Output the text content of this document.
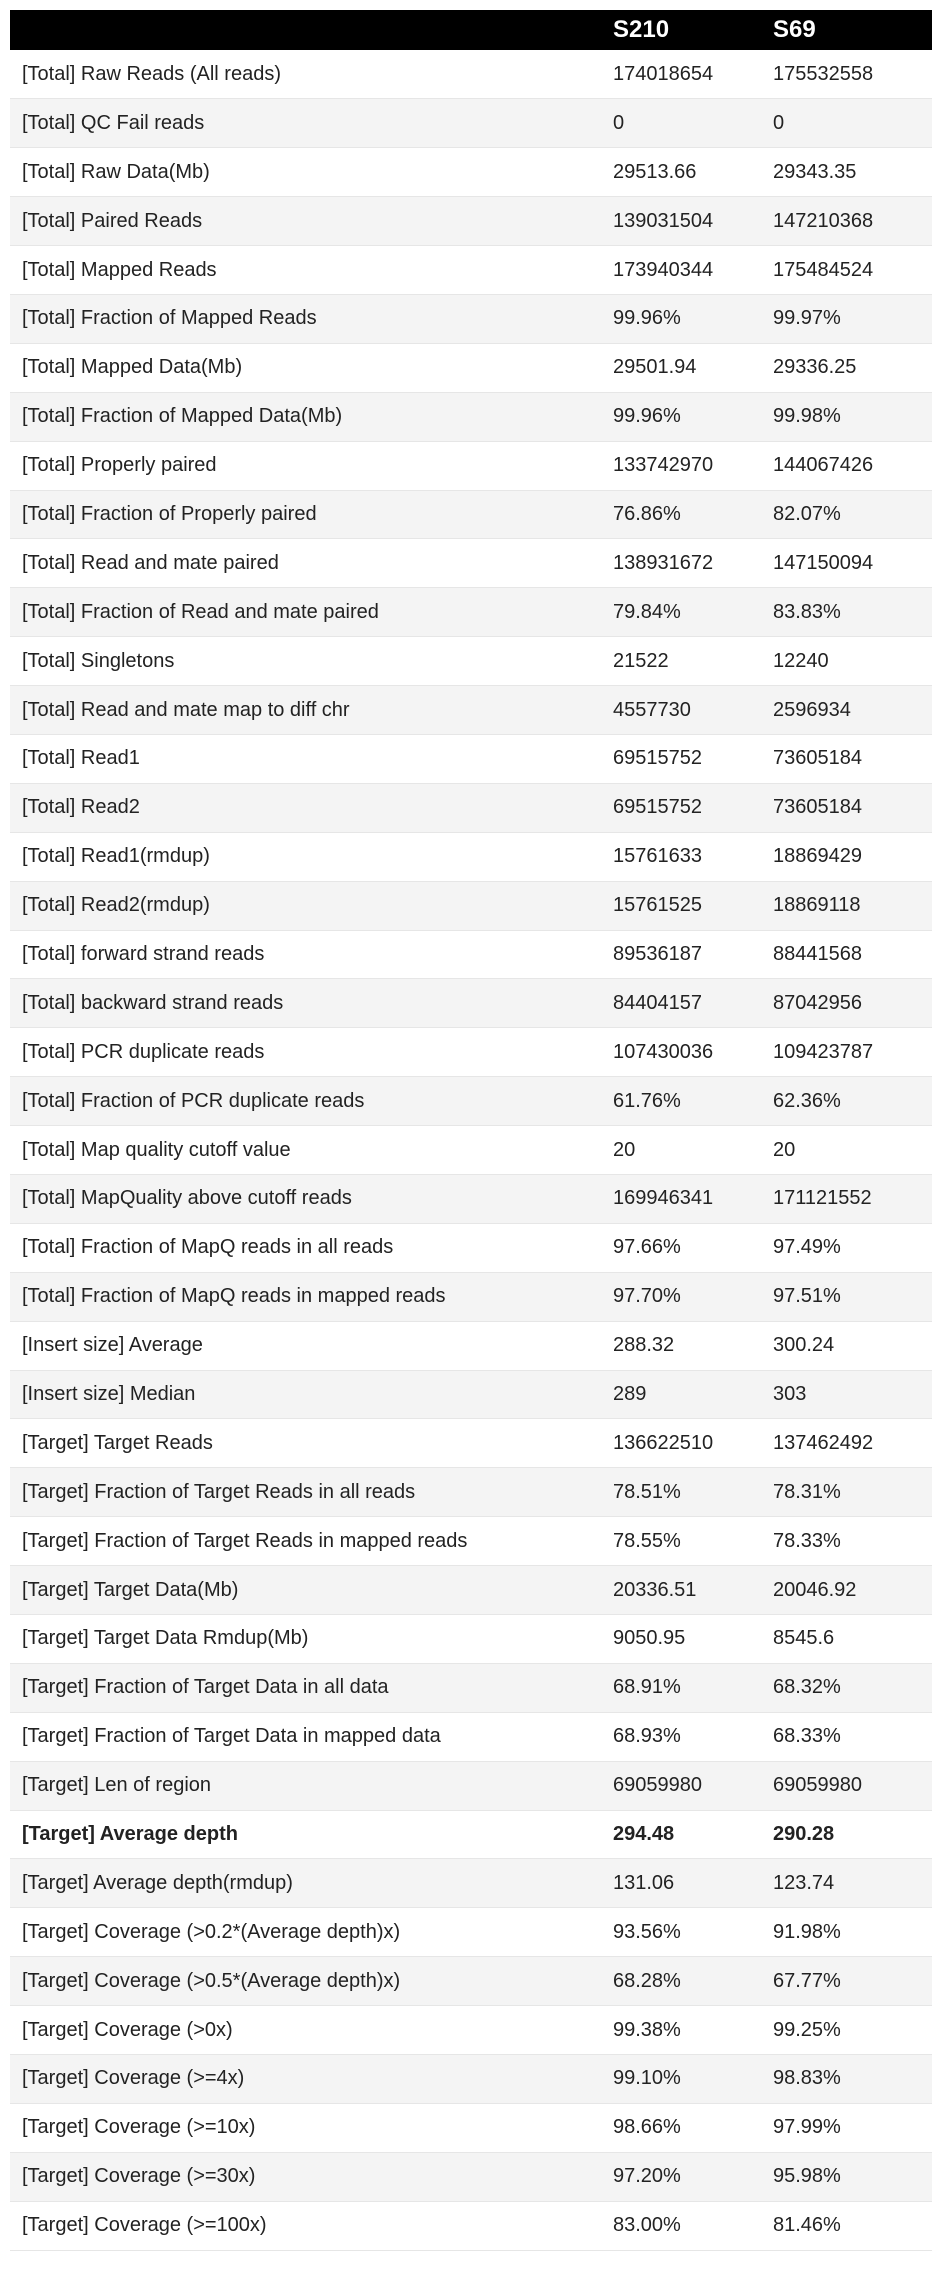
	S210	S69
[Total] Raw Reads (All reads)	174018654	175532558
[Total] QC Fail reads	0	0
[Total] Raw Data(Mb)	29513.66	29343.35
[Total] Paired Reads	139031504	147210368
[Total] Mapped Reads	173940344	175484524
[Total] Fraction of Mapped Reads	99.96%	99.97%
[Total] Mapped Data(Mb)	29501.94	29336.25
[Total] Fraction of Mapped Data(Mb)	99.96%	99.98%
[Total] Properly paired	133742970	144067426
[Total] Fraction of Properly paired	76.86%	82.07%
[Total] Read and mate paired	138931672	147150094
[Total] Fraction of Read and mate paired	79.84%	83.83%
[Total] Singletons	21522	12240
[Total] Read and mate map to diff chr	4557730	2596934
[Total] Read1	69515752	73605184
[Total] Read2	69515752	73605184
[Total] Read1(rmdup)	15761633	18869429
[Total] Read2(rmdup)	15761525	18869118
[Total] forward strand reads	89536187	88441568
[Total] backward strand reads	84404157	87042956
[Total] PCR duplicate reads	107430036	109423787
[Total] Fraction of PCR duplicate reads	61.76%	62.36%
[Total] Map quality cutoff value	20	20
[Total] MapQuality above cutoff reads	169946341	171121552
[Total] Fraction of MapQ reads in all reads	97.66%	97.49%
[Total] Fraction of MapQ reads in mapped reads	97.70%	97.51%
[Insert size] Average	288.32	300.24
[Insert size] Median	289	303
[Target] Target Reads	136622510	137462492
[Target] Fraction of Target Reads in all reads	78.51%	78.31%
[Target] Fraction of Target Reads in mapped reads	78.55%	78.33%
[Target] Target Data(Mb)	20336.51	20046.92
[Target] Target Data Rmdup(Mb)	9050.95	8545.6
[Target] Fraction of Target Data in all data	68.91%	68.32%
[Target] Fraction of Target Data in mapped data	68.93%	68.33%
[Target] Len of region	69059980	69059980
[Target] Average depth	294.48	290.28
[Target] Average depth(rmdup)	131.06	123.74
[Target] Coverage (>0.2*(Average depth)x)	93.56%	91.98%
[Target] Coverage (>0.5*(Average depth)x)	68.28%	67.77%
[Target] Coverage (>0x)	99.38%	99.25%
[Target] Coverage (>=4x)	99.10%	98.83%
[Target] Coverage (>=10x)	98.66%	97.99%
[Target] Coverage (>=30x)	97.20%	95.98%
[Target] Coverage (>=100x)	83.00%	81.46%
